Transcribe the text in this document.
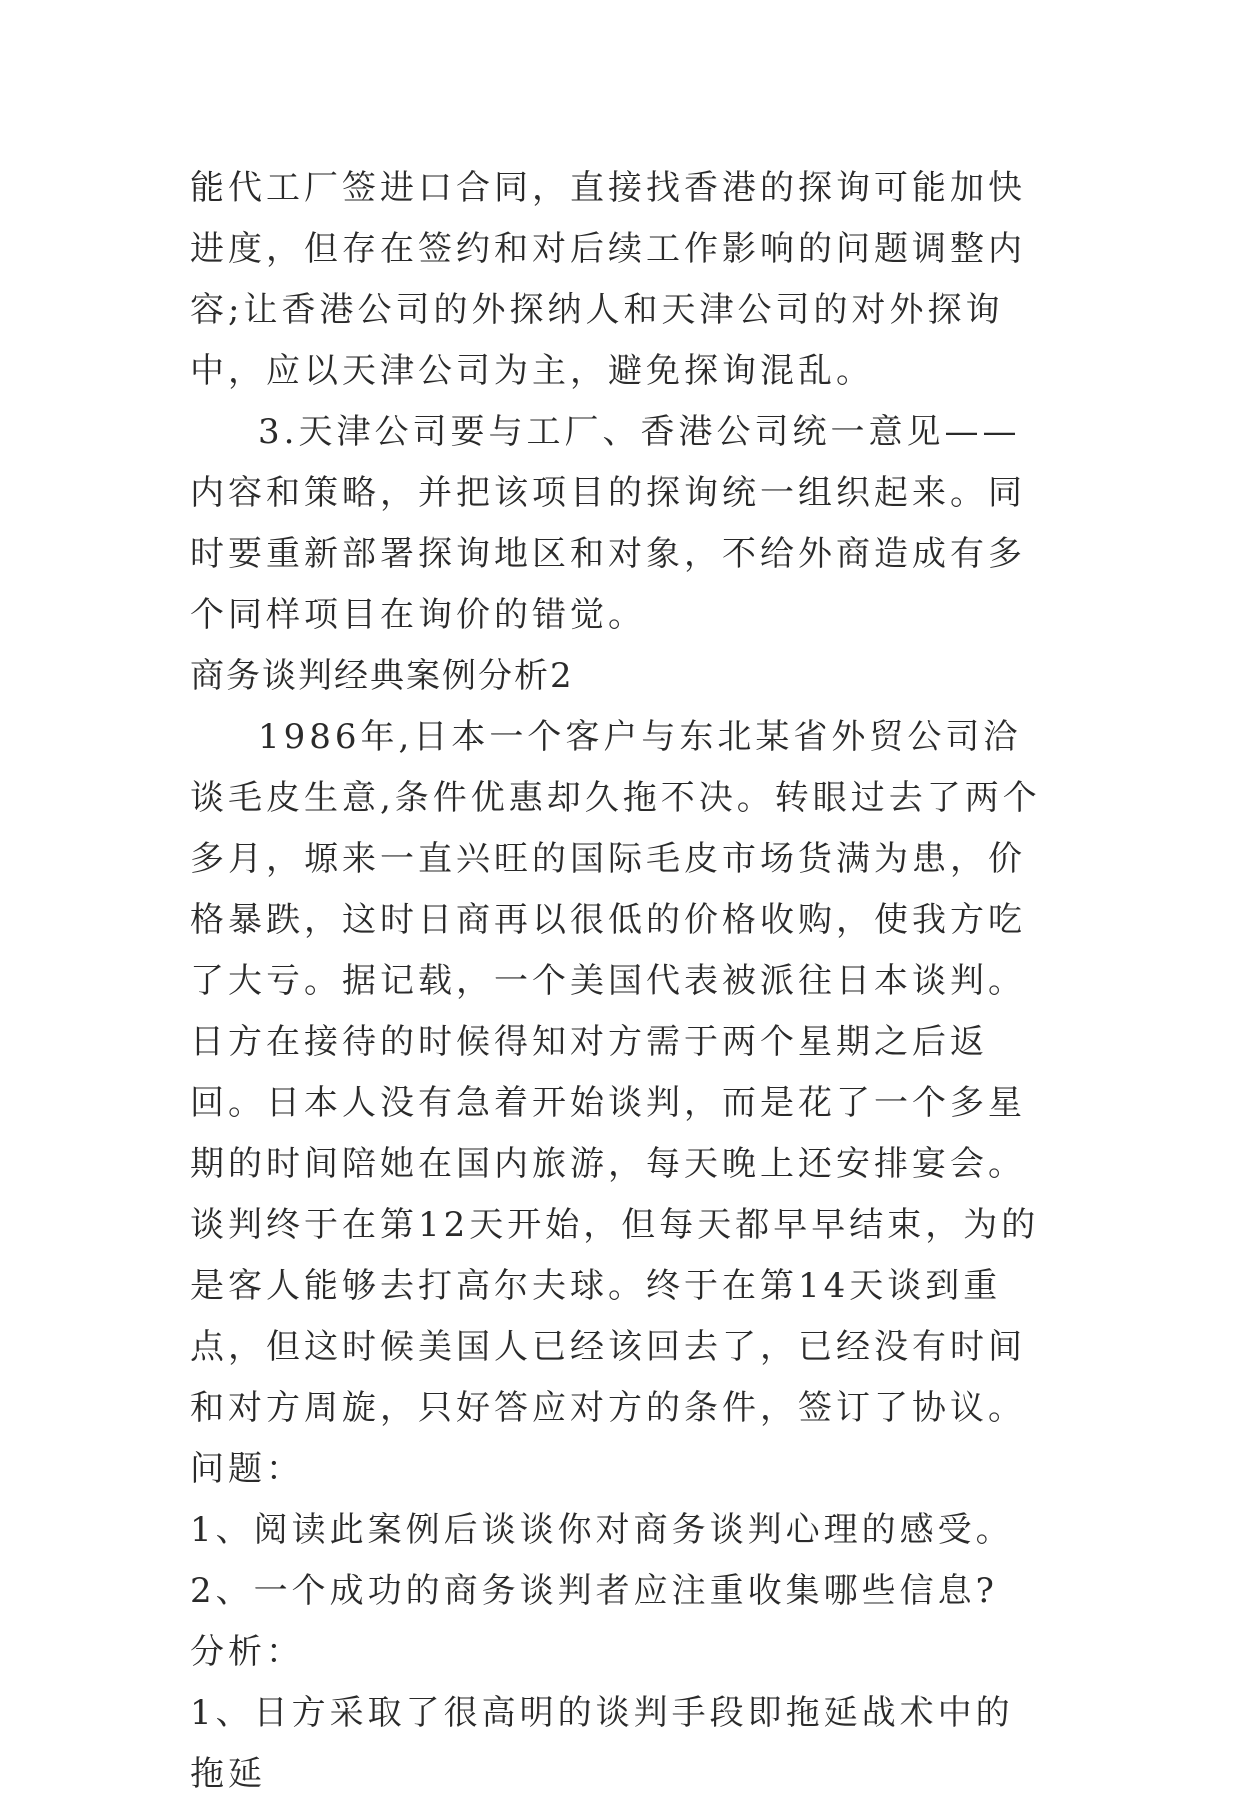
能代工厂签进口合同，直接找香港的探询可能加快进度，但存在签约和对后续工作影响的问题调整内容;让香港公司的外探纳人和天津公司的对外探询中，应以天津公司为主，避免探询混乱。

3.天津公司要与工厂、香港公司统一意见——内容和策略，并把该项目的探询统一组织起来。同时要重新部署探询地区和对象，不给外商造成有多个同样项目在询价的错觉。

商务谈判经典案例分析2

1986年,日本一个客户与东北某省外贸公司洽谈毛皮生意,条件优惠却久拖不决。转眼过去了两个多月，塬来一直兴旺的国际毛皮市场货满为患，价格暴跌，这时日商再以很低的价格收购，使我方吃了大亏。据记载，一个美国代表被派往日本谈判。日方在接待的时候得知对方需于两个星期之后返回。日本人没有急着开始谈判，而是花了一个多星期的时间陪她在国内旅游，每天晚上还安排宴会。谈判终于在第12天开始，但每天都早早结束，为的是客人能够去打高尔夫球。终于在第14天谈到重点，但这时候美国人已经该回去了，已经没有时间和对方周旋，只好答应对方的条件，签订了协议。

问题：

1、阅读此案例后谈谈你对商务谈判心理的感受。

2、一个成功的商务谈判者应注重收集哪些信息?

分析：

1、日方采取了很高明的谈判手段即拖延战术中的拖延
